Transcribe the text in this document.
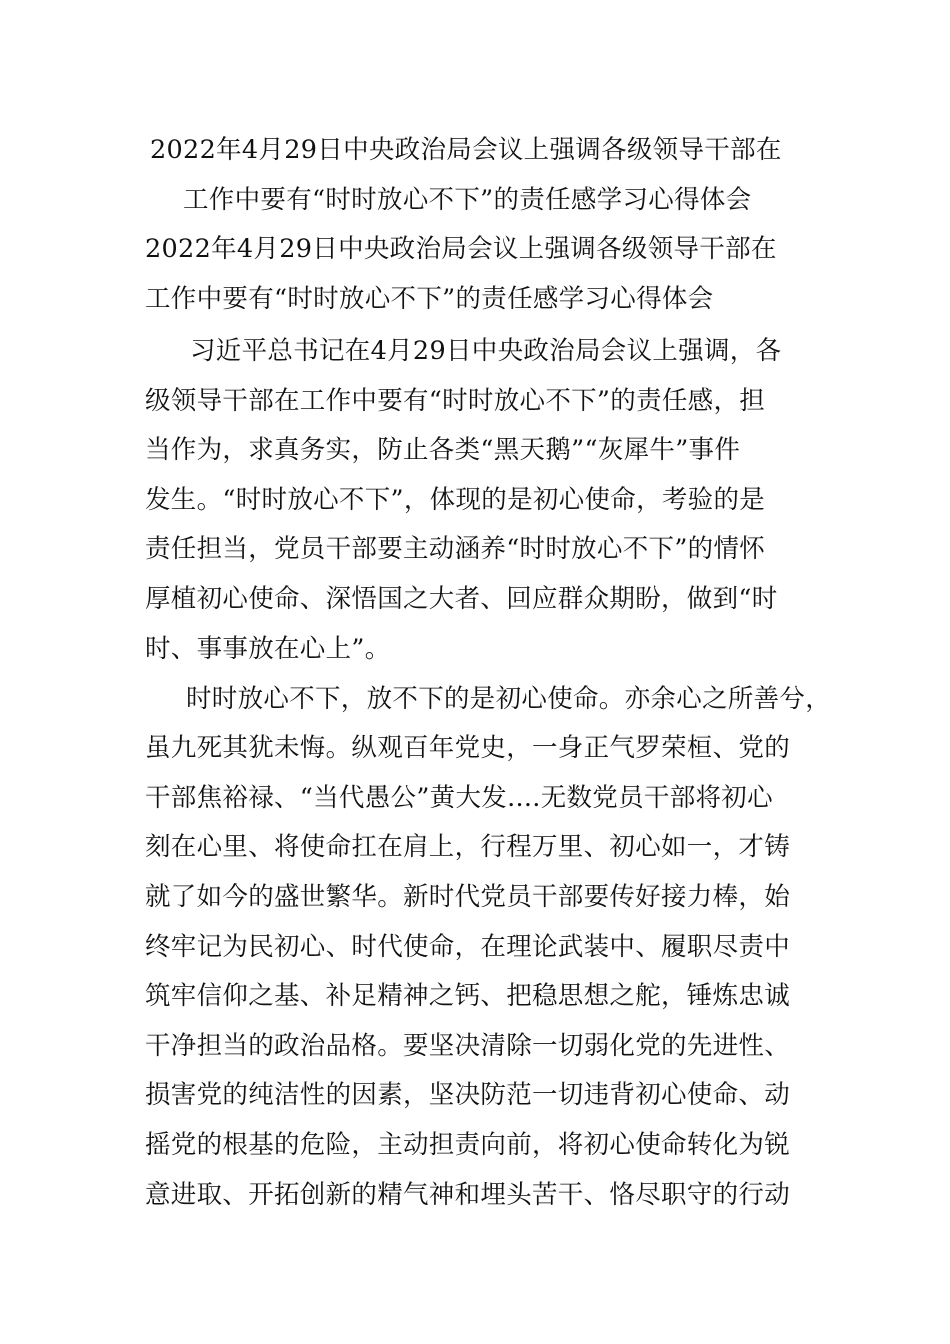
2022年4月29日中央政治局会议上强调各级领导干部在
工作中要有“时时放心不下”的责任感学习心得体会
2022年4月29日中央政治局会议上强调各级领导干部在
工作中要有“时时放心不下”的责任感学习心得体会
习近平总书记在4月29日中央政治局会议上强调，各
级领导干部在工作中要有“时时放心不下”的责任感，担
当作为，求真务实，防止各类“黑天鹅”“灰犀牛”事件
发生。“时时放心不下”，体现的是初心使命，考验的是
责任担当，党员干部要主动涵养“时时放心不下”的情怀
厚植初心使命、深悟国之大者、回应群众期盼，做到“时
时、事事放在心上”。
时时放心不下，放不下的是初心使命。亦余心之所善兮，
虽九死其犹未悔。纵观百年党史，一身正气罗荣桓、党的
干部焦裕禄、“当代愚公”黄大发....无数党员干部将初心
刻在心里、将使命扛在肩上，行程万里、初心如一，才铸
就了如今的盛世繁华。新时代党员干部要传好接力棒，始
终牢记为民初心、时代使命，在理论武装中、履职尽责中
筑牢信仰之基、补足精神之钙、把稳思想之舵，锤炼忠诚
干净担当的政治品格。要坚决清除一切弱化党的先进性、
损害党的纯洁性的因素，坚决防范一切违背初心使命、动
摇党的根基的危险，主动担责向前，将初心使命转化为锐
意进取、开拓创新的精气神和埋头苦干、恪尽职守的行动
